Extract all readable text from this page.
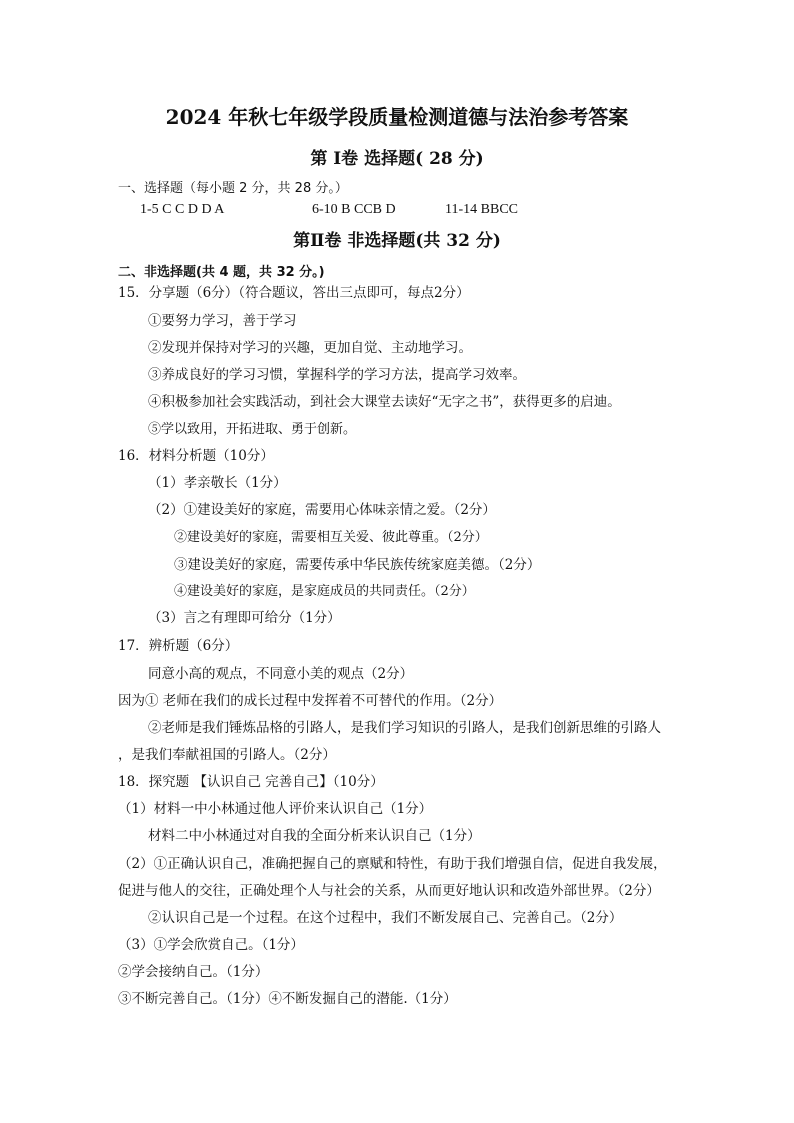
2024 年秋七年级学段质量检测道德与法治参考答案
第 Ⅰ卷 选择题( 28 分)
一、选择题（每小题 2 分，共 28 分。）
1-5 C C D D A	6-10 B CCB D	11-14 BBCC
第Ⅱ卷 非选择题(共 32 分)
二、非选择题(共 4 题，共 32 分。)
15．分享题（6分）（符合题议，答出三点即可，每点2分）
①要努力学习，善于学习
②发现并保持对学习的兴趣，更加自觉、主动地学习。
③养成良好的学习习惯，掌握科学的学习方法，提高学习效率。
④积极参加社会实践活动，到社会大课堂去读好“无字之书”，获得更多的启迪。
⑤学以致用，开拓进取、勇于创新。
16．材料分析题（10分）
（1）孝亲敬长（1分）
（2）①建设美好的家庭，需要用心体味亲情之爱。（2分）
②建设美好的家庭，需要相互关爱、彼此尊重。（2分）
③建设美好的家庭，需要传承中华民族传统家庭美德。（2分）
④建设美好的家庭，是家庭成员的共同责任。（2分）
（3）言之有理即可给分（1分）
17．辨析题（6分）
同意小高的观点，不同意小美的观点（2分）
因为① 老师在我们的成长过程中发挥着不可替代的作用。（2分）
②老师是我们锤炼品格的引路人，是我们学习知识的引路人，是我们创新思维的引路人
，是我们奉献祖国的引路人。（2分）
18．探究题 【认识自己 完善自己】（10分）
（1）材料一中小林通过他人评价来认识自己（1分）
材料二中小林通过对自我的全面分析来认识自己（1分）
（2）①正确认识自己，准确把握自己的禀赋和特性，有助于我们增强自信，促进自我发展，
促进与他人的交往，正确处理个人与社会的关系，从而更好地认识和改造外部世界。（2分）
②认识自己是一个过程。在这个过程中，我们不断发展自己、完善自己。（2分）
（3）①学会欣赏自己。（1分）
②学会接纳自己。（1分）
③不断完善自己。（1分）④不断发掘自己的潜能.（1分）
